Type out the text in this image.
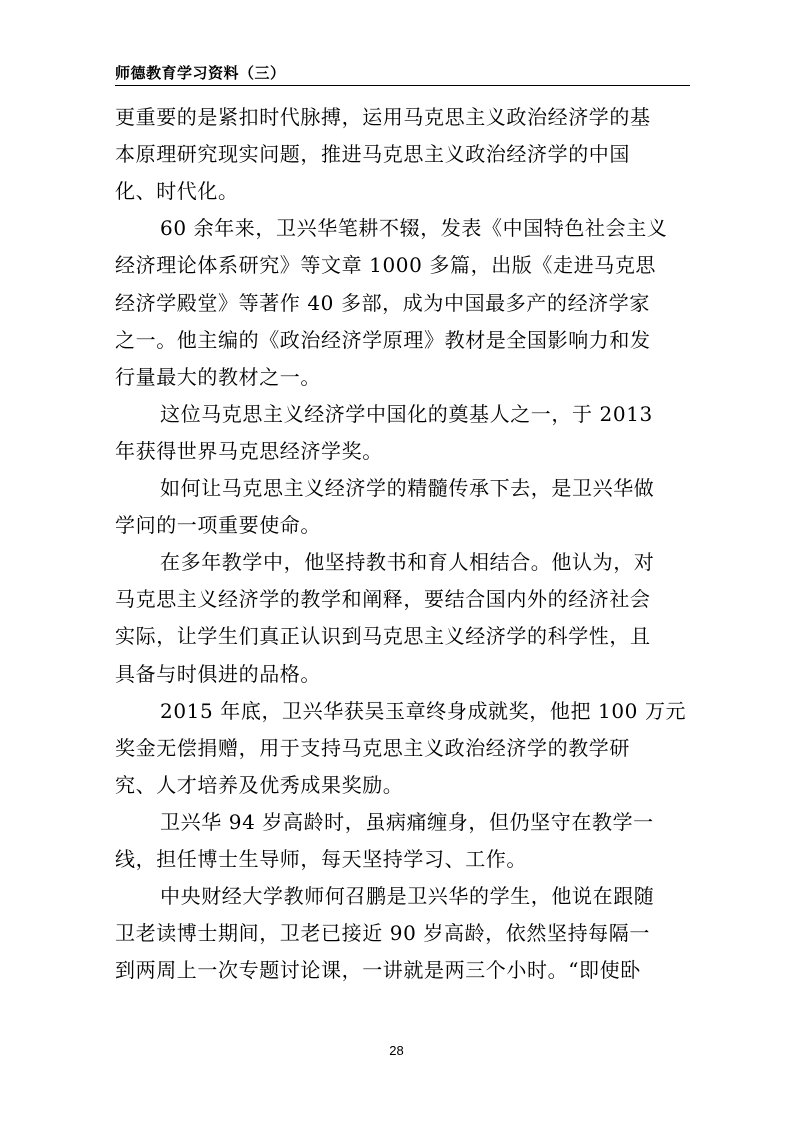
师德教育学习资料（三）
更重要的是紧扣时代脉搏，运用马克思主义政治经济学的基
本原理研究现实问题，推进马克思主义政治经济学的中国
化、时代化。
60 余年来，卫兴华笔耕不辍，发表《中国特色社会主义
经济理论体系研究》等文章 1000 多篇，出版《走进马克思
经济学殿堂》等著作 40 多部，成为中国最多产的经济学家
之一。他主编的《政治经济学原理》教材是全国影响力和发
行量最大的教材之一。
这位马克思主义经济学中国化的奠基人之一，于 2013
年获得世界马克思经济学奖。
如何让马克思主义经济学的精髓传承下去，是卫兴华做
学问的一项重要使命。
在多年教学中，他坚持教书和育人相结合。他认为，对
马克思主义经济学的教学和阐释，要结合国内外的经济社会
实际，让学生们真正认识到马克思主义经济学的科学性，且
具备与时俱进的品格。
2015 年底，卫兴华获吴玉章终身成就奖，他把 100 万元
奖金无偿捐赠，用于支持马克思主义政治经济学的教学研
究、人才培养及优秀成果奖励。
卫兴华 94 岁高龄时，虽病痛缠身，但仍坚守在教学一
线，担任博士生导师，每天坚持学习、工作。
中央财经大学教师何召鹏是卫兴华的学生，他说在跟随
卫老读博士期间，卫老已接近 90 岁高龄，依然坚持每隔一
到两周上一次专题讨论课，一讲就是两三个小时。“即使卧
28
